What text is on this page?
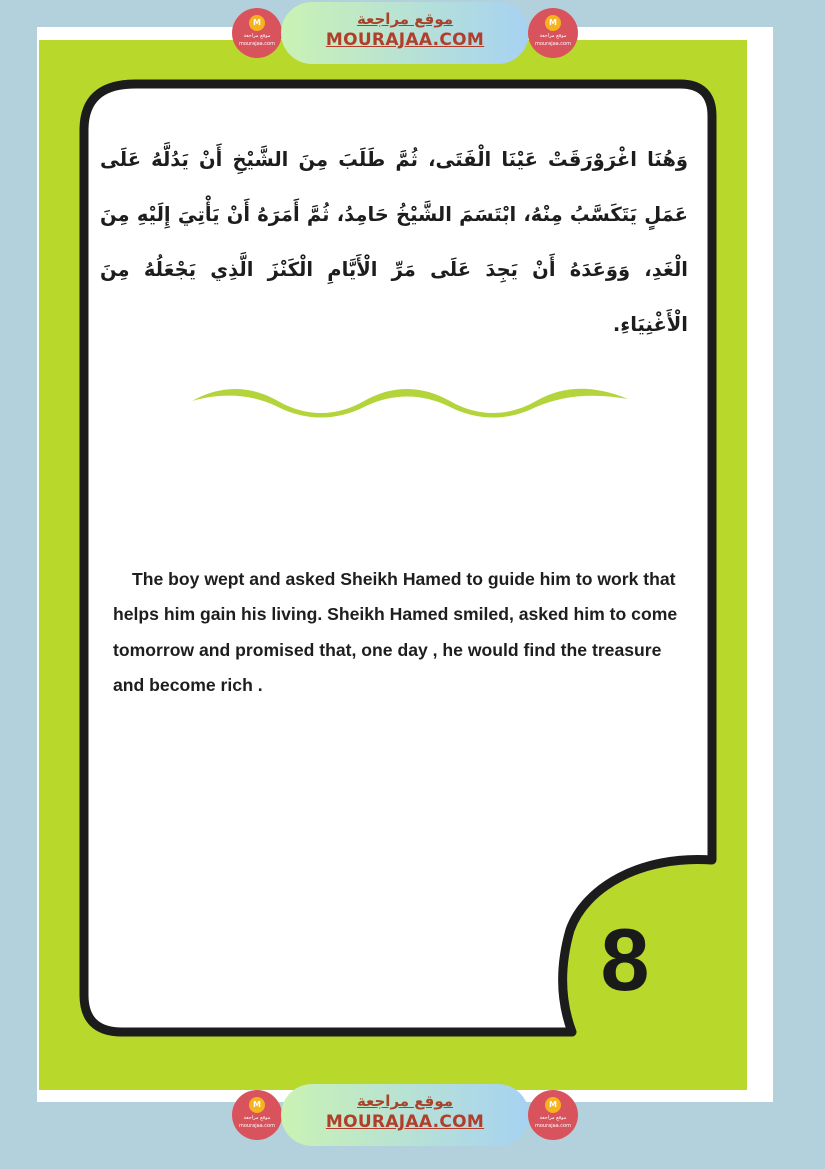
وَهُنَا اغْرَوْرَقَتْ عَيْنَا الْفَتَى، ثُمَّ طَلَبَ مِنَ الشَّيْخِ أَنْ يَدُلَّهُ عَلَى عَمَلٍ يَتَكَسَّبُ مِنْهُ، ابْتَسَمَ الشَّيْخُ حَامِدُ، ثُمَّ أَمَرَهُ أَنْ يَأْتِيَ إِلَيْهِ مِنَ الْغَدِ، وَوَعَدَهُ أَنْ يَجِدَ عَلَى مَرِّ الْأَيَّامِ الْكَنْزَ الَّذِي يَجْعَلُهُ مِنَ الْأَغْنِيَاءِ.
The boy wept and asked Sheikh Hamed to guide him to work that helps him gain his living. Sheikh Hamed smiled, asked him to come tomorrow and promised that, one day , he would find the treasure and become rich .
8
M
موقع مراجعة
mourajaa.com
موقع مراجعة
MOURAJAA.COM
M
موقع مراجعة
mourajaa.com
M
موقع مراجعة
mourajaa.com
موقع مراجعة
MOURAJAA.COM
M
موقع مراجعة
mourajaa.com
